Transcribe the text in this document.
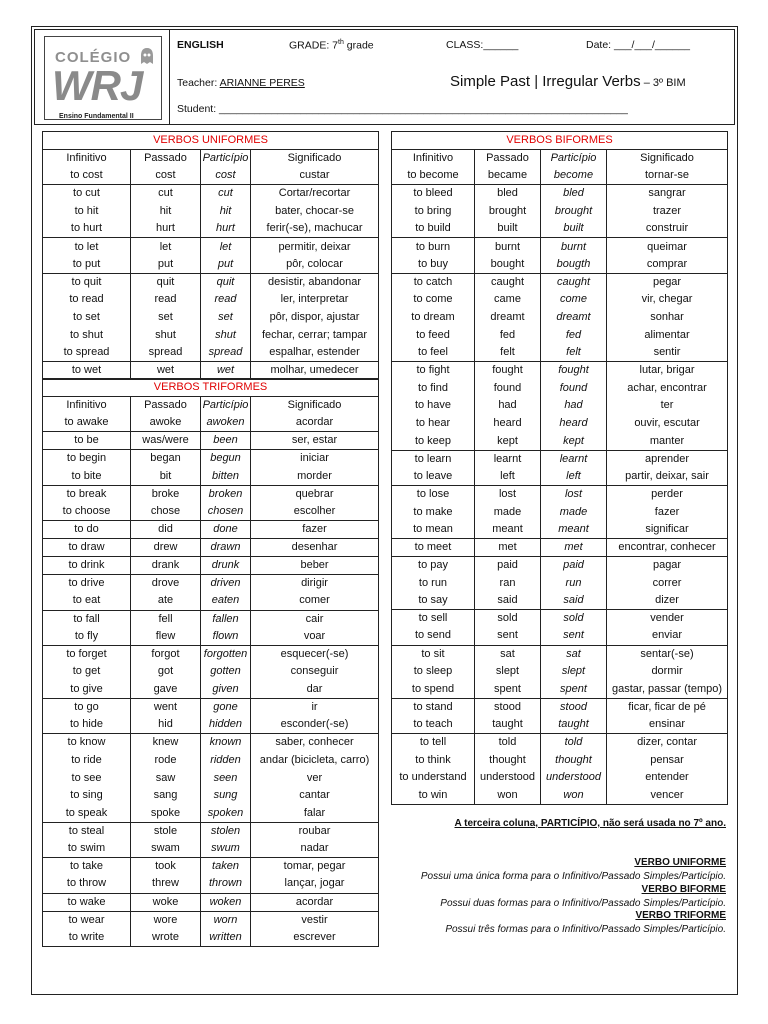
COLÉGIO
WRJ
Ensino Fundamental II
ENGLISH	GRADE: 7th grade	CLASS:______	Date: ___/___/______
Teacher: ARIANNE PERES	Simple Past | Irregular Verbs – 3º BIM
Student: ______________________________________________________________________
VERBOS UNIFORMES			
Infinitivo	Passado	Particípio	Significado
to cost	cost	cost	custar
to cut	cut	cut	Cortar/recortar
to hit	hit	hit	bater, chocar-se
to hurt	hurt	hurt	ferir(-se), machucar
to let	let	let	permitir, deixar
to put	put	put	pôr, colocar
to quit	quit	quit	desistir, abandonar
to read	read	read	ler, interpretar
to set	set	set	pôr, dispor, ajustar
to shut	shut	shut	fechar, cerrar; tampar
to spread	spread	spread	espalhar, estender
to wet	wet	wet	molhar, umedecer
VERBOS TRIFORMES			
Infinitivo	Passado	Particípio	Significado
to awake	awoke	awoken	acordar
to be	was/were	been	ser, estar
to begin	began	begun	iniciar
to bite	bit	bitten	morder
to break	broke	broken	quebrar
to choose	chose	chosen	escolher
to do	did	done	fazer
to draw	drew	drawn	desenhar
to drink	drank	drunk	beber
to drive	drove	driven	dirigir
to eat	ate	eaten	comer
to fall	fell	fallen	cair
to fly	flew	flown	voar
to forget	forgot	forgotten	esquecer(-se)
to get	got	gotten	conseguir
to give	gave	given	dar
to go	went	gone	ir
to hide	hid	hidden	esconder(-se)
to know	knew	known	saber, conhecer
to ride	rode	ridden	andar (bicicleta, carro)
to see	saw	seen	ver
to sing	sang	sung	cantar
to speak	spoke	spoken	falar
to steal	stole	stolen	roubar
to swim	swam	swum	nadar
to take	took	taken	tomar, pegar
to throw	threw	thrown	lançar, jogar
to wake	woke	woken	acordar
to wear	wore	worn	vestir
to write	wrote	written	escrever
VERBOS BIFORMES			
Infinitivo	Passado	Particípio	Significado
to become	became	become	tornar-se
to bleed	bled	bled	sangrar
to bring	brought	brought	trazer
to build	built	built	construir
to burn	burnt	burnt	queimar
to buy	bought	bougth	comprar
to catch	caught	caught	pegar
to come	came	come	vir, chegar
to dream	dreamt	dreamt	sonhar
to feed	fed	fed	alimentar
to feel	felt	felt	sentir
to fight	fought	fought	lutar, brigar
to find	found	found	achar, encontrar
to have	had	had	ter
to hear	heard	heard	ouvir, escutar
to keep	kept	kept	manter
to learn	learnt	learnt	aprender
to leave	left	left	partir, deixar, sair
to lose	lost	lost	perder
to make	made	made	fazer
to mean	meant	meant	significar
to meet	met	met	encontrar, conhecer
to pay	paid	paid	pagar
to run	ran	run	correr
to say	said	said	dizer
to sell	sold	sold	vender
to send	sent	sent	enviar
to sit	sat	sat	sentar(-se)
to sleep	slept	slept	dormir
to spend	spent	spent	gastar, passar (tempo)
to stand	stood	stood	ficar, ficar de pé
to teach	taught	taught	ensinar
to tell	told	told	dizer, contar
to think	thought	thought	pensar
to understand	understood	understood	entender
to win	won	won	vencer
A terceira coluna, PARTICÍPIO, não será usada no 7º ano.
VERBO UNIFORME
Possui uma única forma para o Infinitivo/Passado Simples/Particípio.
VERBO BIFORME
Possui duas formas para o Infinitivo/Passado Simples/Particípio.
VERBO TRIFORME
Possui três formas para o Infinitivo/Passado Simples/Particípio.
